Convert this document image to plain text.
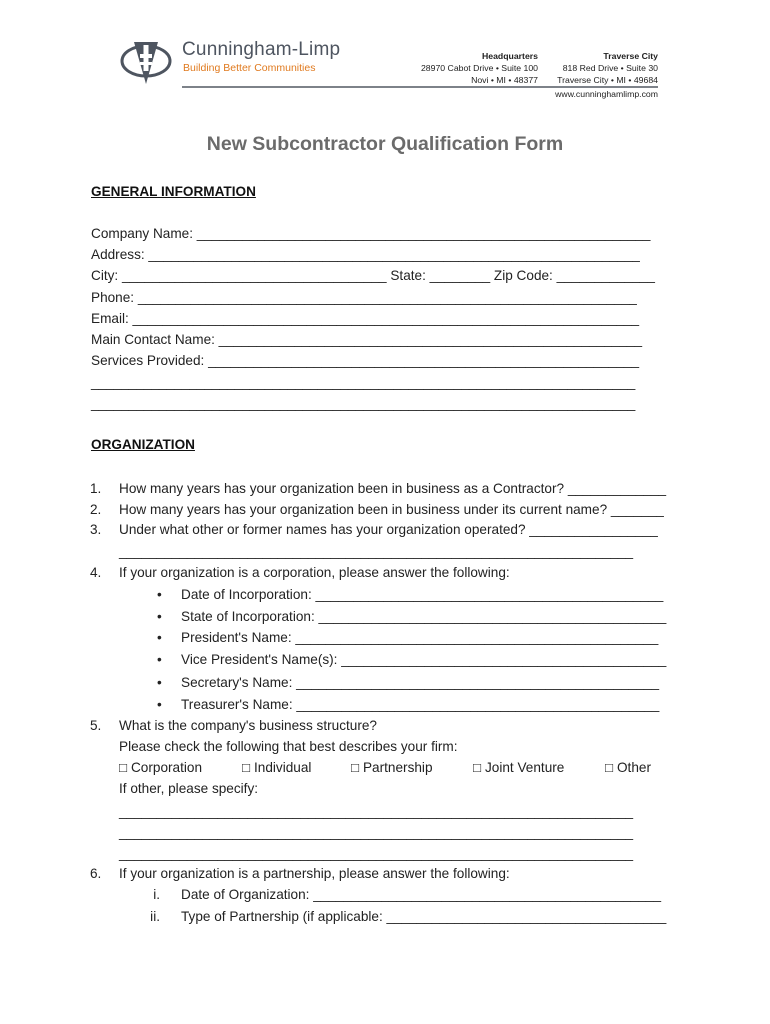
Cunningham-Limp
Building Better Communities
Headquarters
28970 Cabot Drive • Suite 100
Novi • MI • 48377
Traverse City
818 Red Drive • Suite 30
Traverse City • MI • 49684
www.cunninghamlimp.com
New Subcontractor Qualification Form
GENERAL INFORMATION
Company Name: ____________________________________________________________
Address: _________________________________________________________________
City: ___________________________________ State: ________ Zip Code: _____________
Phone: __________________________________________________________________
Email: ___________________________________________________________________
Main Contact Name: ________________________________________________________
Services Provided: _________________________________________________________
________________________________________________________________________
________________________________________________________________________
ORGANIZATION
1. How many years has your organization been in business as a Contractor? _____________
2. How many years has your organization been in business under its current name? _______
3. Under what other or former names has your organization operated? _________________
____________________________________________________________________
4. If your organization is a corporation, please answer the following:
• Date of Incorporation: ______________________________________________
• State of Incorporation: ______________________________________________
• President's Name: ________________________________________________
• Vice President's Name(s): ___________________________________________
• Secretary's Name: ________________________________________________
• Treasurer's Name: ________________________________________________
5. What is the company's business structure?
Please check the following that best describes your firm:
□ Corporation	□ Individual	□ Partnership	□ Joint Venture	□ Other
If other, please specify:
____________________________________________________________________
____________________________________________________________________
____________________________________________________________________
6. If your organization is a partnership, please answer the following:
i. Date of Organization: ______________________________________________
ii. Type of Partnership (if applicable: _____________________________________
